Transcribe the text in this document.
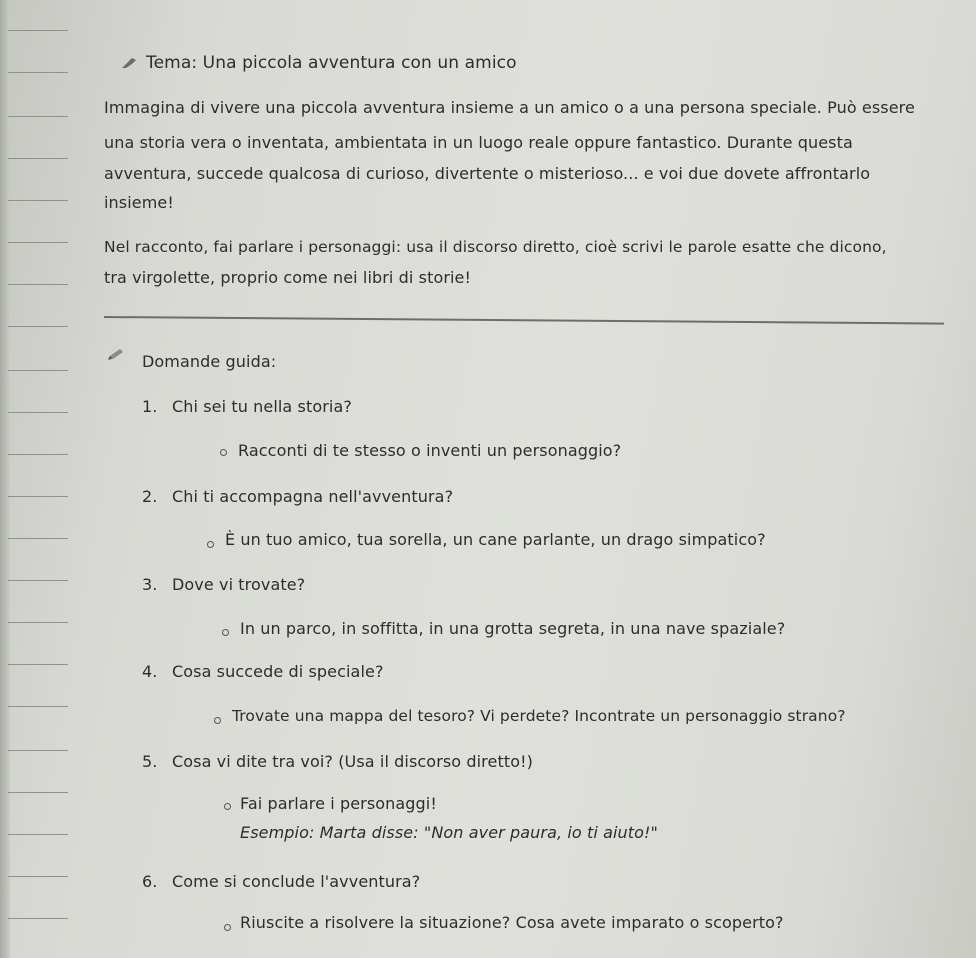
Tema: Una piccola avventura con un amico
Immagina di vivere una piccola avventura insieme a un amico o a una persona speciale. Può essere
una storia vera o inventata, ambientata in un luogo reale oppure fantastico. Durante questa
avventura, succede qualcosa di curioso, divertente o misterioso... e voi due dovete affrontarlo
insieme!
Nel racconto, fai parlare i personaggi: usa il discorso diretto, cioè scrivi le parole esatte che dicono,
tra virgolette, proprio come nei libri di storie!
Domande guida:
1. Chi sei tu nella storia?
Racconti di te stesso o inventi un personaggio?
2. Chi ti accompagna nell'avventura?
È un tuo amico, tua sorella, un cane parlante, un drago simpatico?
3. Dove vi trovate?
In un parco, in soffitta, in una grotta segreta, in una nave spaziale?
4. Cosa succede di speciale?
Trovate una mappa del tesoro? Vi perdete? Incontrate un personaggio strano?
5. Cosa vi dite tra voi? (Usa il discorso diretto!)
Fai parlare i personaggi!
Esempio: Marta disse: "Non aver paura, io ti aiuto!"
6. Come si conclude l'avventura?
Riuscite a risolvere la situazione? Cosa avete imparato o scoperto?
